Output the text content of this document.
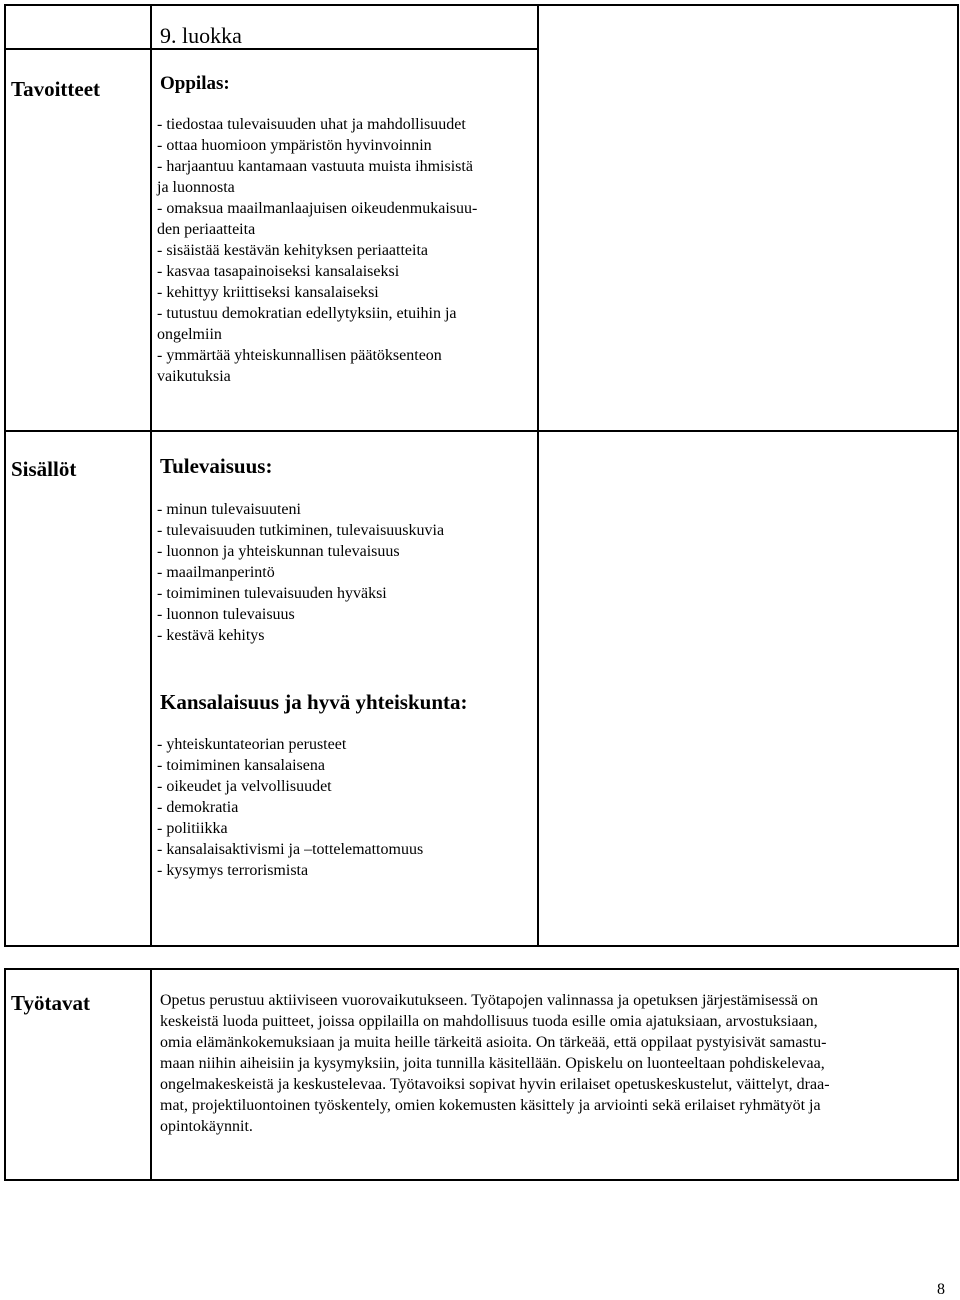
9. luokka
Tavoitteet	Oppilas:
- tiedostaa tulevaisuuden uhat ja mahdollisuudet
- ottaa huomioon ympäristön hyvinvoinnin
- harjaantuu kantamaan vastuuta muista ihmisistä
ja luonnosta
- omaksua maailmanlaajuisen oikeudenmukaisuu-
den periaatteita
- sisäistää kestävän kehityksen periaatteita
- kasvaa tasapainoiseksi kansalaiseksi
- kehittyy kriittiseksi kansalaiseksi
- tutustuu demokratian edellytyksiin, etuihin ja
ongelmiin
- ymmärtää yhteiskunnallisen päätöksenteon
vaikutuksia
Sisällöt	Tulevaisuus:
- minun tulevaisuuteni
- tulevaisuuden tutkiminen, tulevaisuuskuvia
- luonnon ja yhteiskunnan tulevaisuus
- maailmanperintö
- toimiminen tulevaisuuden hyväksi
- luonnon tulevaisuus
- kestävä kehitys
Kansalaisuus ja hyvä yhteiskunta:
- yhteiskuntateorian perusteet
- toimiminen kansalaisena
- oikeudet ja velvollisuudet
- demokratia
- politiikka
- kansalaisaktivismi ja –tottelemattomuus
- kysymys terrorismista
Työtavat	Opetus perustuu aktiiviseen vuorovaikutukseen. Työtapojen valinnassa ja opetuksen järjestämisessä on
keskeistä luoda puitteet, joissa oppilailla on mahdollisuus tuoda esille omia ajatuksiaan, arvostuksiaan,
omia elämänkokemuksiaan ja muita heille tärkeitä asioita. On tärkeää, että oppilaat pystyisivät samastu-
maan niihin aiheisiin ja kysymyksiin, joita tunnilla käsitellään. Opiskelu on luonteeltaan pohdiskelevaa,
ongelmakeskeistä ja keskustelevaa. Työtavoiksi sopivat hyvin erilaiset opetuskeskustelut, väittelyt, draa-
mat, projektiluontoinen työskentely, omien kokemusten käsittely ja arviointi sekä erilaiset ryhmätyöt ja
opintokäynnit.
8
